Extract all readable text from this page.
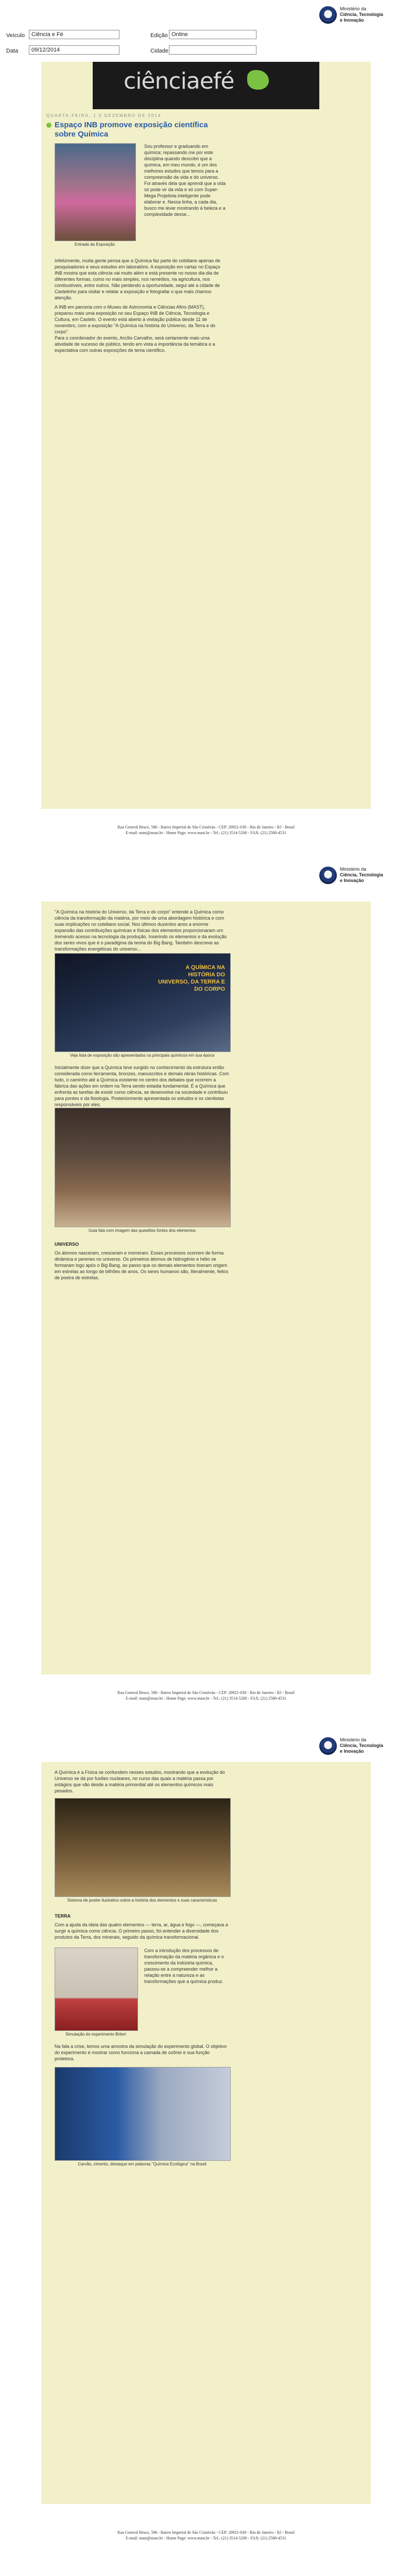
Ministério da
Ciência, Tecnologia
e Inovação
Veículo	Ciência e Fé	Edição Online
Data	09/12/2014	Cidade
ciênciaefé
QUARTA-FEIRA, 1 0 DEZEMBRO DE 2014
Espaço INB promove exposição científica sobre Química
Entrada da Exposição

Sou professor e graduando em química; repassando me por este disciplina quando descobri que a química, em meu mundo, é um dos melhores estudos que temos para a compreensão da vida e do universo. Foi através dela que aprendi que a vida só pode vir da vida e só com Super-Mega Projetista inteligente pode elaborar e. Nessa linha, a cada dia, busco me levar mostrando à beleza e a complexidade desse...

Infelizmente, muita gente pensa que a Química faz parte do cotidiano apenas de pesquisadores e seus estudos em laboratório. A exposição em cartaz no Espaço INB mostra que esta ciência vai muito além e está presente no nosso dia-dia de diferentes formas, como no mais simples, nos remédios, na agricultura, nos combustíveis, entre outros. Não perdendo a oportunidade, segui até a cidade de Castelinho para visitar e relatar a exposição e fotografar o que mais chamou atenção.

A INB em parceria com o Museu de Astronomia e Ciências Afins (MAST), preparou mais uma exposição no seu Espaço INB de Ciência, Tecnologia e Cultura, em Castelo. O evento está aberto à visitação pública desde 11 de novembro, com a exposição "A Química na história do Universo, da Terra e do corpo".

Para o coordenador do evento, Arcílio Carvalho, será certamente mais uma atividade de sucesso de público, tendo em vista a importância da temática e a expectativa com outras exposições de tema científico.

Rua General Bruce, 586 - Bairro Imperial de São Cristóvão - CEP: 20921-030 - Rio de Janeiro - RJ - Brasil
E-mail: mast@mast.br - Home Page: www.mast.br - Tel.: (21) 3514-5200 - FAX: (21) 2580-4531
Ministério da
Ciência, Tecnologia
e Inovação

"A Química na história do Universo, da Terra e do corpo" entende a Química como ciência da transformação da matéria, por meio de uma abordagem histórica e com suas implicações no cotidiano social. Nos últimos duzentos anos a enorme expansão das contribuições químicas e físicas dos elementos proporcionaram um tremendo acesso na tecnologia da produção. Inserindo os elementos e da evolução dos seres vivos que é o paradigma da teoria do Big Bang. Também descreve as transformações energéticas do universo...

A QUÍMICA NA HISTÓRIA DO UNIVERSO, DA TERRA E DO CORPO
Veja lista de exposição são apresentados os principais químicos em sua época

Inicialmente dizer que a Química teve surgido no conhecimento da estrutura então considerada como ferramenta, bronzes, manuscritos e demais obras históricas. Com tudo, o caminho até a Química existente no centro dos debates que ocorrem a fábrica das ações em ordem na Terra sendo estadia fundamental. É a Química que enfrenta as tarefas de existir como ciência, se desenvolve na sociedade e contribuiu para pontes e da fisiologia. Posteriormente apresentada os estudos e os cientistas responsáveis por eles.

Guia fala com imagem das questões fontes dos elementos
UNIVERSO

Os átomos nasceram, cresceram e morreram. Esses processos ocorrem de forma dinâmica e perenes no universo. Os primeiros átomos de hidrogênio e hélio se formaram logo após o Big Bang, ao passo que os demais elementos tiveram origem em estrelas ao longo de bilhões de anos. Os seres humanos são, literalmente, feitos de poeira de estrelas.

Rua General Bruce, 586 - Bairro Imperial de São Cristóvão - CEP: 20921-030 - Rio de Janeiro - RJ - Brasil
E-mail: mast@mast.br - Home Page: www.mast.br - Tel.: (21) 3514-5200 - FAX: (21) 2580-4531
Ministério da
Ciência, Tecnologia
e Inovação

A Química é a Física se confundem nesses estudos, mostrando que a evolução do Universo se dá por fusões nucleares, no curso das quais a matéria passa por estágios que vão desde a matéria primordial até os elementos químicos mais pesados.

Sistema de poster ilustrativo sobre a história dos elementos e suas caracteristicas
TERRA

Com a ajuda da ideia das quatro elementos — terra, ar, água e fogo —, começava a surgir a química como ciência. O primeiro passo, foi entender a diversidade dos produtos da Terra, dos minerais, seguido da química transformacional.

Simulação do experimento Briteri

Com a introdução dos processos de transformação da matéria orgânica e o crescimento da indústria química, passou-se a compreender melhor a relação entre a natureza e as transformações que a química produz.

Na fala a crise, temos uma amostra da simulação do experimento global. O objetivo do experimento é mostrar como funciona a camada de ozônio e sua função protetora.

Carvão, cimento, destaque em palavras "Química Ecológica" na Brasil
Rua General Bruce, 586 - Bairro Imperial de São Cristóvão - CEP: 20921-030 - Rio de Janeiro - RJ - Brasil
E-mail: mast@mast.br - Home Page: www.mast.br - Tel.: (21) 3514-5200 - FAX: (21) 2580-4531
